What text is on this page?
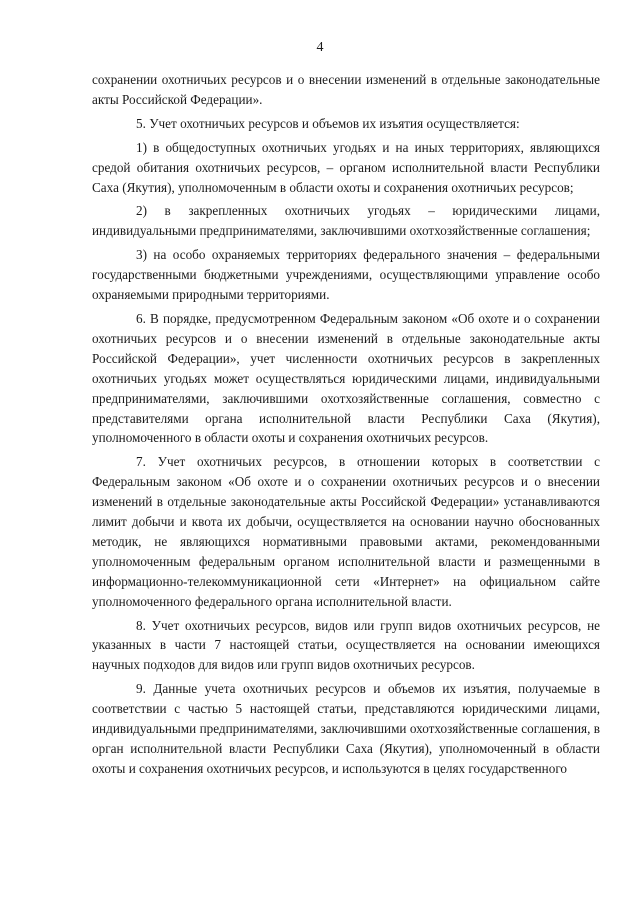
4

сохранении охотничьих ресурсов и о внесении изменений в отдельные законодательные акты Российской Федерации».

5. Учет охотничьих ресурсов и объемов их изъятия осуществляется:

1) в общедоступных охотничьих угодьях и на иных территориях, являющихся средой обитания охотничьих ресурсов, – органом исполнительной власти Республики Саха (Якутия), уполномоченным в области охоты и сохранения охотничьих ресурсов;

2) в закрепленных охотничьих угодьях – юридическими лицами, индивидуальными предпринимателями, заключившими охотхозяйственные соглашения;

3) на особо охраняемых территориях федерального значения – федеральными государственными бюджетными учреждениями, осуществляющими управление особо охраняемыми природными территориями.

6. В порядке, предусмотренном Федеральным законом «Об охоте и о сохранении охотничьих ресурсов и о внесении изменений в отдельные законодательные акты Российской Федерации», учет численности охотничьих ресурсов в закрепленных охотничьих угодьях может осуществляться юридическими лицами, индивидуальными предпринимателями, заключившими охотхозяйственные соглашения, совместно с представителями органа исполнительной власти Республики Саха (Якутия), уполномоченного в области охоты и сохранения охотничьих ресурсов.

7. Учет охотничьих ресурсов, в отношении которых в соответствии с Федеральным законом «Об охоте и о сохранении охотничьих ресурсов и о внесении изменений в отдельные законодательные акты Российской Федерации» устанавливаются лимит добычи и квота их добычи, осуществляется на основании научно обоснованных методик, не являющихся нормативными правовыми актами, рекомендованными уполномоченным федеральным органом исполнительной власти и размещенными в информационно-телекоммуникационной сети «Интернет» на официальном сайте уполномоченного федерального органа исполнительной власти.

8. Учет охотничьих ресурсов, видов или групп видов охотничьих ресурсов, не указанных в части 7 настоящей статьи, осуществляется на основании имеющихся научных подходов для видов или групп видов охотничьих ресурсов.

9. Данные учета охотничьих ресурсов и объемов их изъятия, получаемые в соответствии с частью 5 настоящей статьи, представляются юридическими лицами, индивидуальными предпринимателями, заключившими охотхозяйственные соглашения, в орган исполнительной власти Республики Саха (Якутия), уполномоченный в области охоты и сохранения охотничьих ресурсов, и используются в целях государственного
